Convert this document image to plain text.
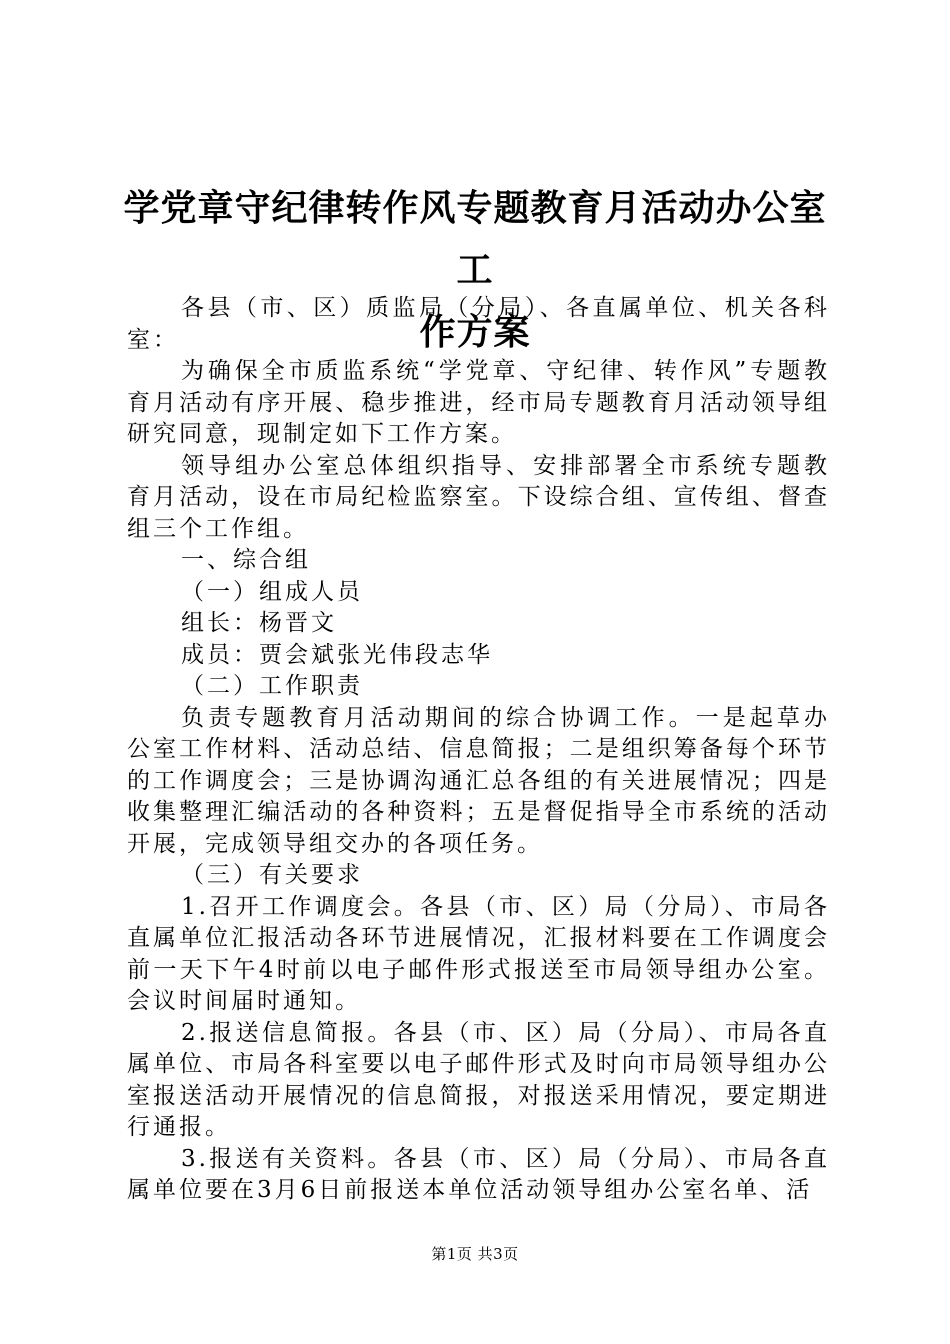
学党章守纪律转作风专题教育月活动办公室工
作方案

各县（市、区）质监局（分局）、各直属单位、机关各科室：

为确保全市质监系统“学党章、守纪律、转作风”专题教育月活动有序开展、稳步推进，经市局专题教育月活动领导组研究同意，现制定如下工作方案。

领导组办公室总体组织指导、安排部署全市系统专题教育月活动，设在市局纪检监察室。下设综合组、宣传组、督查组三个工作组。

一、综合组

（一）组成人员

组长：杨晋文

成员：贾会斌张光伟段志华

（二）工作职责

负责专题教育月活动期间的综合协调工作。一是起草办公室工作材料、活动总结、信息简报；二是组织筹备每个环节的工作调度会；三是协调沟通汇总各组的有关进展情况；四是收集整理汇编活动的各种资料；五是督促指导全市系统的活动开展，完成领导组交办的各项任务。

（三）有关要求

1.召开工作调度会。各县（市、区）局（分局）、市局各直属单位汇报活动各环节进展情况，汇报材料要在工作调度会前一天下午4时前以电子邮件形式报送至市局领导组办公室。会议时间届时通知。

2.报送信息简报。各县（市、区）局（分局）、市局各直属单位、市局各科室要以电子邮件形式及时向市局领导组办公室报送活动开展情况的信息简报，对报送采用情况，要定期进行通报。

3.报送有关资料。各县（市、区）局（分局）、市局各直属单位要在3月6日前报送本单位活动领导组办公室名单、活

第1页 共3页
